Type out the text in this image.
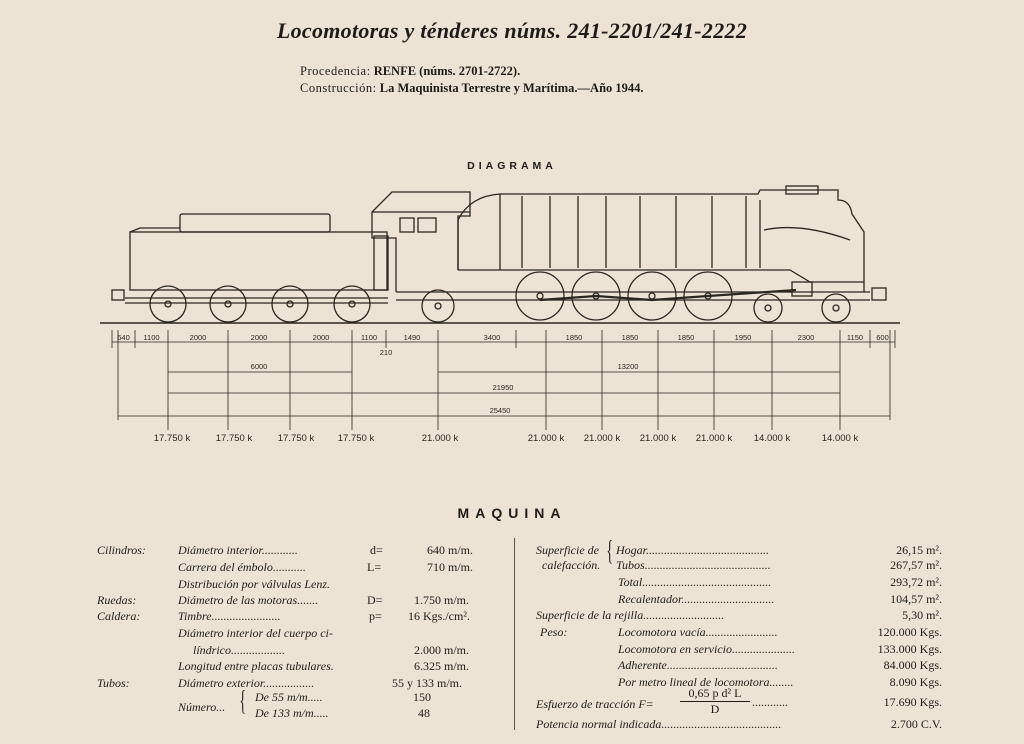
Locomotoras y ténderes núms. 241-2201/241-2222
Procedencia: RENFE (núms. 2701-2722).
Construcción: La Maquinista Terrestre y Marítima.—Año 1944.
DIAGRAMA
640 1100	2000	2000	2000	1100	1490	3400	1850	1850	1850	1950	2300	1150 600
210
6000	13200
21950
25450
17.750 k	17.750 k	17.750 k 17.750 k	21.000 k	21.000 k 21.000 k 21.000 k 21.000 k 14.000 k	14.000 k
MAQUINA
Cilindros:	Diámetro interior............	d=	640 m/m.
Carrera del émbolo...........	L=	710 m/m.
Distribución por válvulas Lenz.
Ruedas:	Diámetro de las motoras.......	D=	1.750 m/m.
Caldera:	Timbre.......................	p= 16 Kgs./cm².
Diámetro interior del cuerpo ci-
líndrico..................	2.000 m/m.
Longitud entre placas tubulares.	6.325 m/m.
Tubos:	Diámetro exterior.................	55 y 133 m/m.
Número... { De 55 m/m.....	150
De 133 m/m.....	48
Superficie de
calefacción. { Hogar.........................................	26,15 m².
Tubos..........................................	267,57 m².
Total...........................................	293,72 m².
Recalentador...............................	104,57 m².
Superficie de la rejilla...........................	5,30 m².
Peso:	Locomotora vacía........................	120.000 Kgs.
Locomotora en servicio.....................	133.000 Kgs.
Adherente.....................................	84.000 Kgs.
Por metro lineal de locomotora........	8.090 Kgs.
Esfuerzo de tracción F=
0,65 p d² L
D	............	17.690 Kgs.
Potencia normal indicada........................................	2.700 C.V.
